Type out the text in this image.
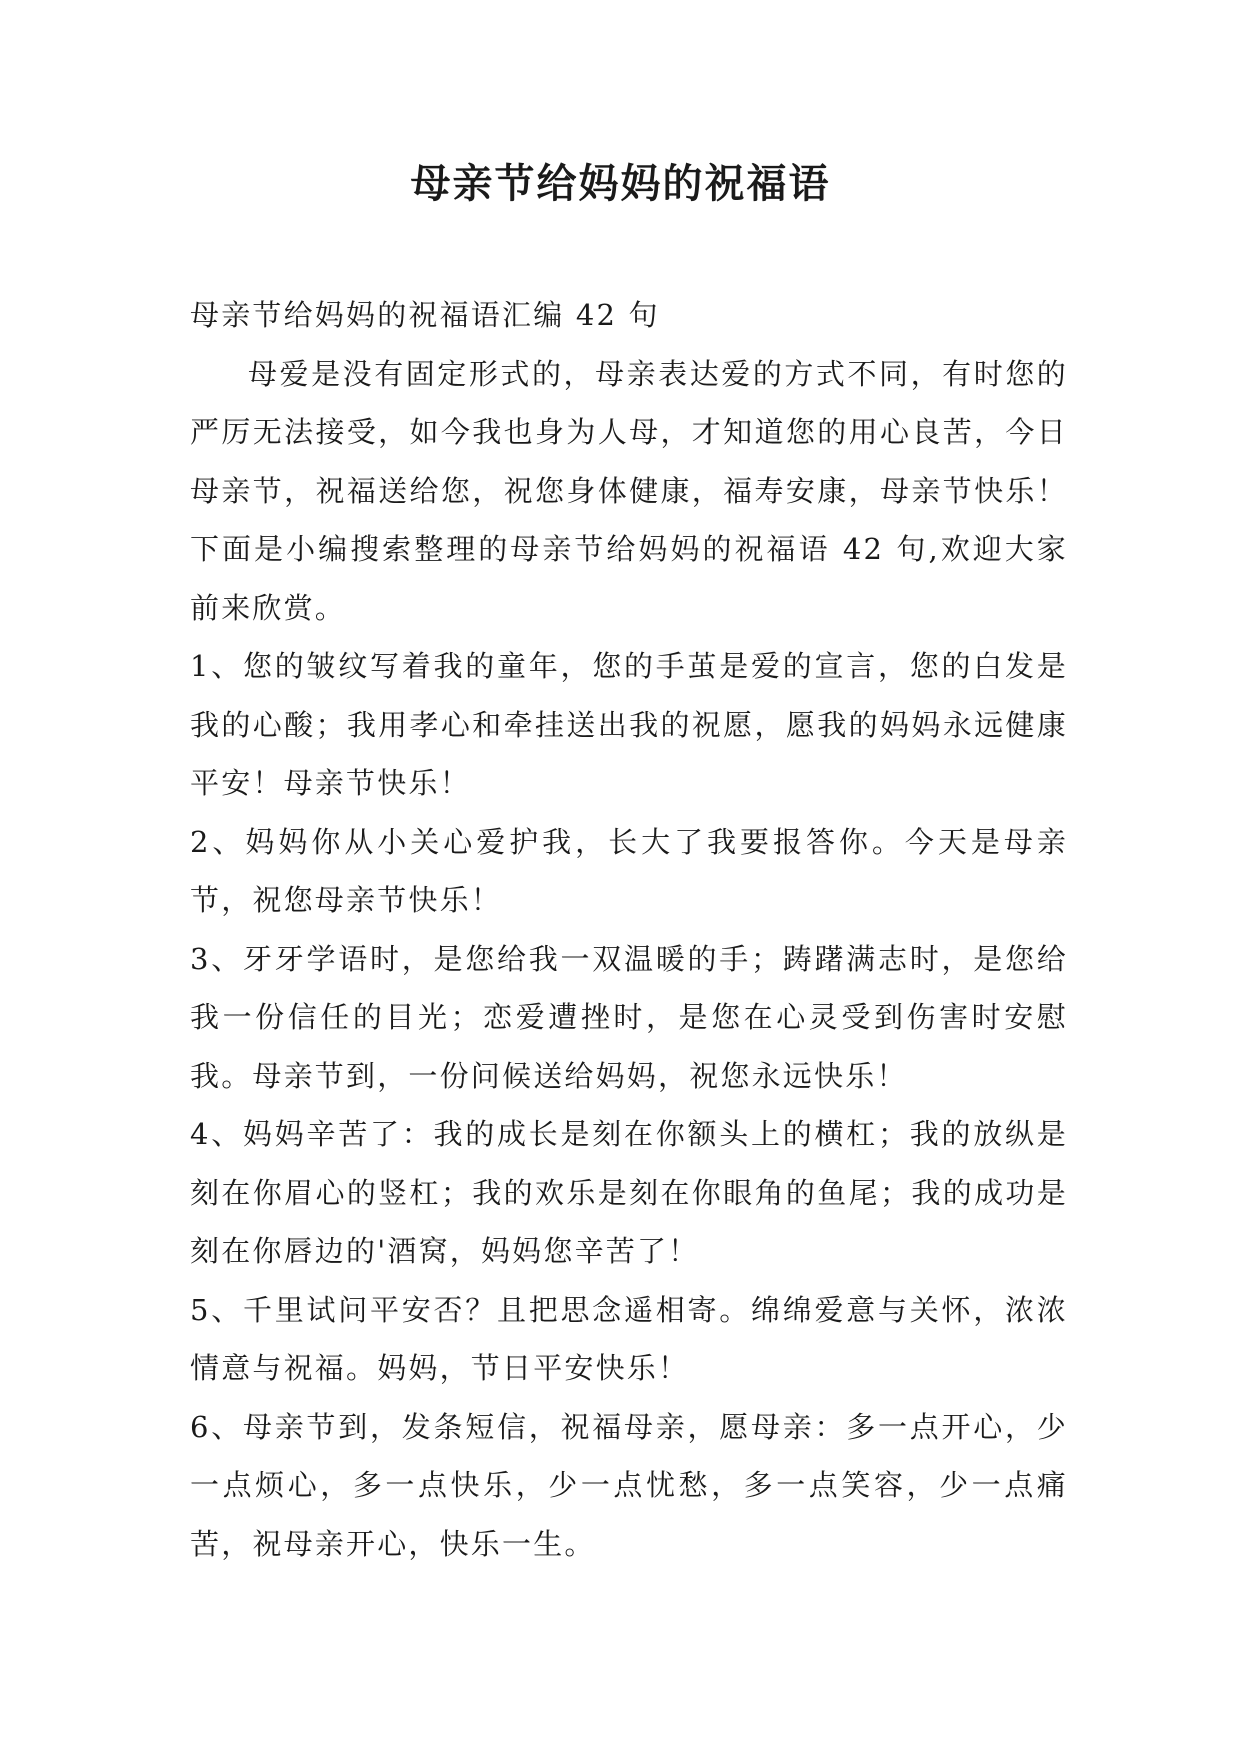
母亲节给妈妈的祝福语

母亲节给妈妈的祝福语汇编 42 句

母爱是没有固定形式的，母亲表达爱的方式不同，有时您的严厉无法接受，如今我也身为人母，才知道您的用心良苦，今日母亲节，祝福送给您，祝您身体健康，福寿安康，母亲节快乐！下面是小编搜索整理的母亲节给妈妈的祝福语 42 句,欢迎大家前来欣赏。

1、您的皱纹写着我的童年，您的手茧是爱的宣言，您的白发是我的心酸；我用孝心和牵挂送出我的祝愿，愿我的妈妈永远健康平安！母亲节快乐！

2、妈妈你从小关心爱护我，长大了我要报答你。今天是母亲节，祝您母亲节快乐！

3、牙牙学语时，是您给我一双温暖的手；踌躇满志时，是您给我一份信任的目光；恋爱遭挫时，是您在心灵受到伤害时安慰我。母亲节到，一份问候送给妈妈，祝您永远快乐！

4、妈妈辛苦了：我的成长是刻在你额头上的横杠；我的放纵是刻在你眉心的竖杠；我的欢乐是刻在你眼角的鱼尾；我的成功是刻在你唇边的'酒窝，妈妈您辛苦了！

5、千里试问平安否？且把思念遥相寄。绵绵爱意与关怀，浓浓情意与祝福。妈妈，节日平安快乐！

6、母亲节到，发条短信，祝福母亲，愿母亲：多一点开心，少一点烦心，多一点快乐，少一点忧愁，多一点笑容，少一点痛苦，祝母亲开心，快乐一生。
